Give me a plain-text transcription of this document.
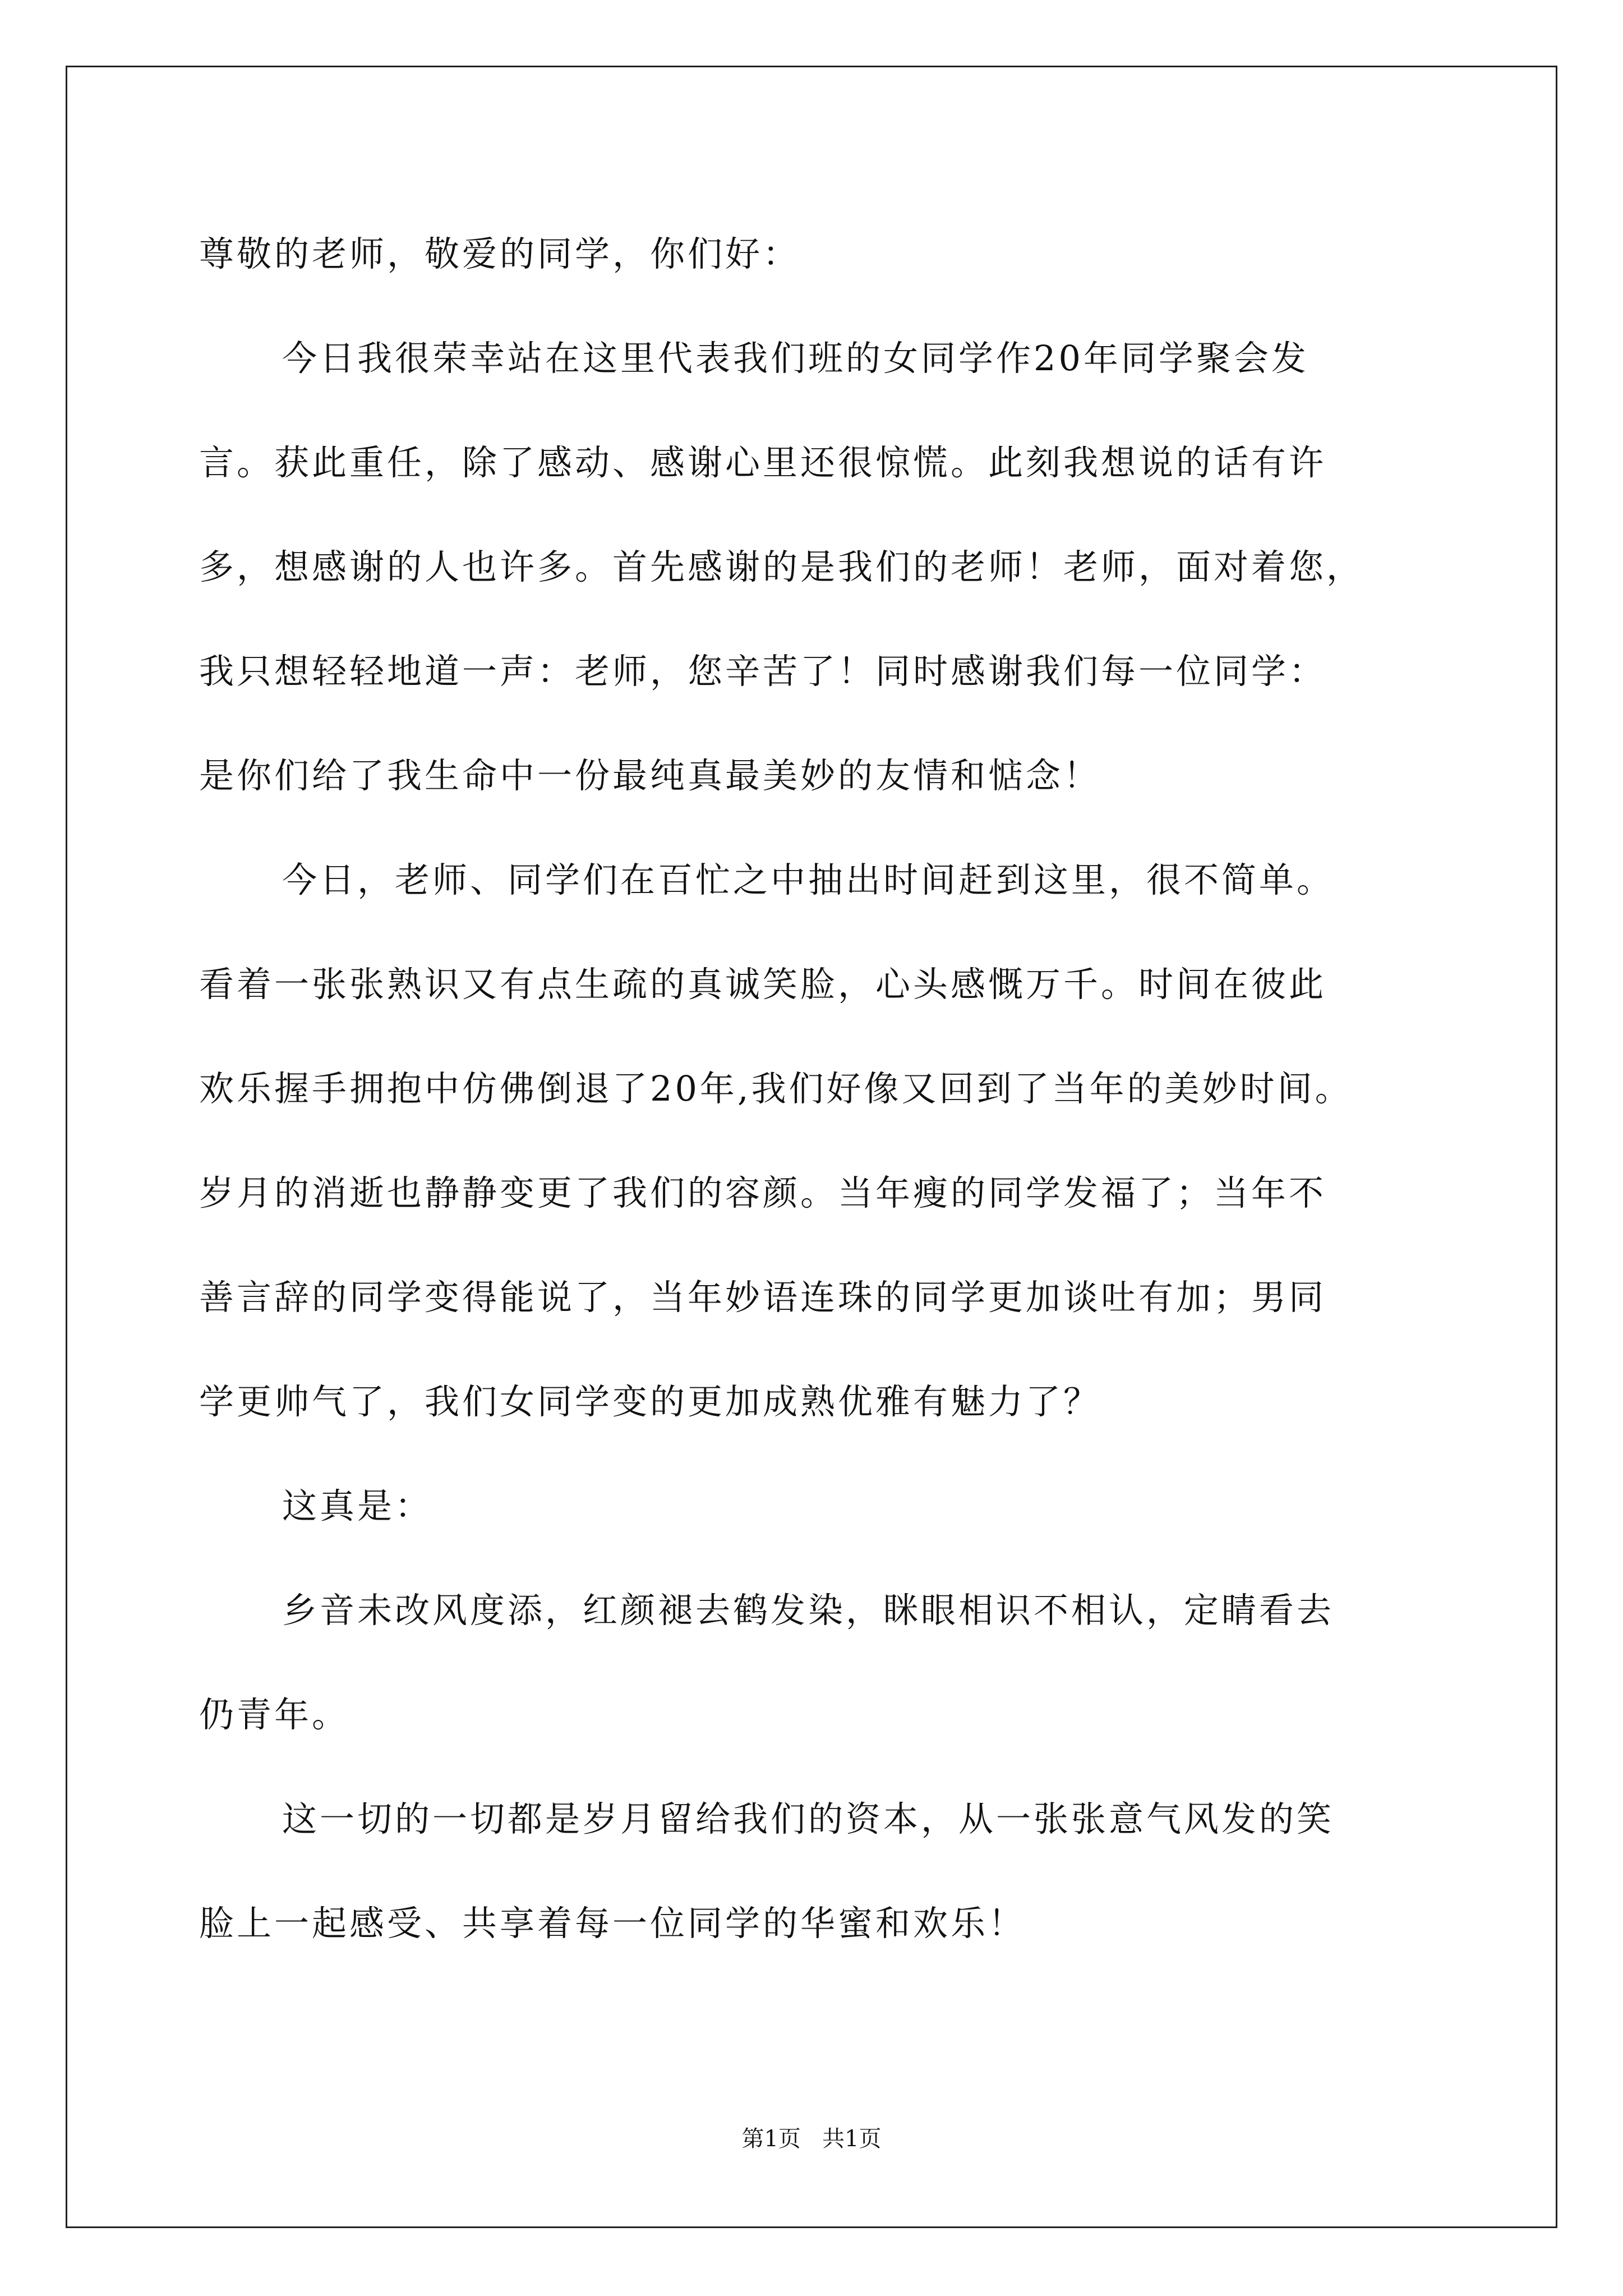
尊敬的老师，敬爱的同学，你们好：
今日我很荣幸站在这里代表我们班的女同学作20年同学聚会发
言。获此重任，除了感动、感谢心里还很惊慌。此刻我想说的话有许
多，想感谢的人也许多。首先感谢的是我们的老师！老师，面对着您，
我只想轻轻地道一声：老师，您辛苦了！同时感谢我们每一位同学：
是你们给了我生命中一份最纯真最美妙的友情和惦念！
今日，老师、同学们在百忙之中抽出时间赶到这里，很不简单。
看着一张张熟识又有点生疏的真诚笑脸，心头感慨万千。时间在彼此
欢乐握手拥抱中仿佛倒退了20年,我们好像又回到了当年的美妙时间。
岁月的消逝也静静变更了我们的容颜。当年瘦的同学发福了；当年不
善言辞的同学变得能说了，当年妙语连珠的同学更加谈吐有加；男同
学更帅气了，我们女同学变的更加成熟优雅有魅力了？
这真是：
乡音未改风度添，红颜褪去鹤发染，眯眼相识不相认，定睛看去
仍青年。
这一切的一切都是岁月留给我们的资本，从一张张意气风发的笑
脸上一起感受、共享着每一位同学的华蜜和欢乐！
第1页   共1页
